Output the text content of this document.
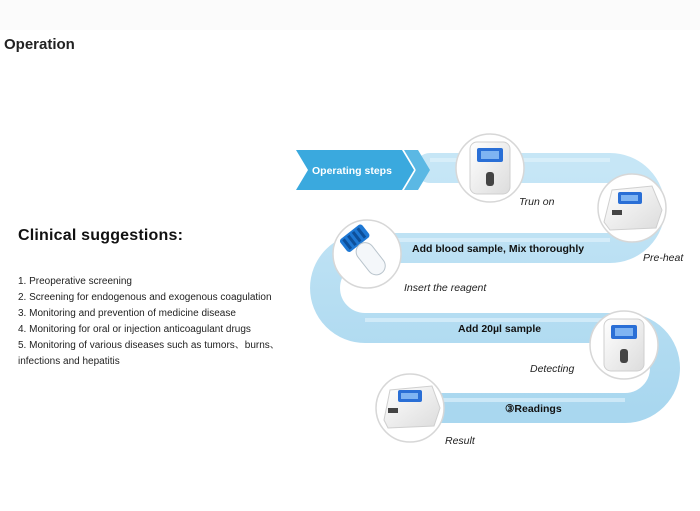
Operation
Clinical suggestions:
1. Preoperative screening
2. Screening for endogenous and exogenous coagulation
3. Monitoring and prevention of medicine disease
4. Monitoring for oral or injection anticoagulant drugs
5. Monitoring of various diseases such as tumors、burns、
infections and hepatitis
Operating steps
Trun on
Pre-heat
Add blood sample, Mix thoroughly
Insert the reagent
Add 20µl sample
Detecting
③Readings
Result
